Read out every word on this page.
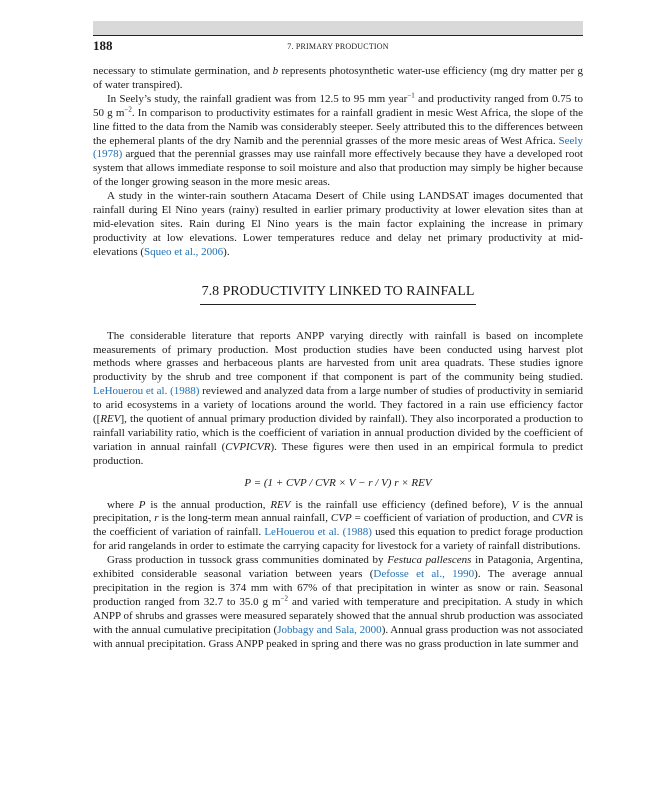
188	7. PRIMARY PRODUCTION

necessary to stimulate germination, and b represents photosynthetic water-use efficiency (mg dry matter per g of water transpired).

In Seely’s study, the rainfall gradient was from 12.5 to 95 mm year$^{-1}$ and productivity ranged from 0.75 to 50 g $m^{-2}$. In comparison to productivity estimates for a rainfall gradient in mesic West Africa, the slope of the line fitted to the data from the Namib was considerably steeper. Seely attributed this to the differences between the ephemeral plants of the dry Namib and the perennial grasses of the more mesic areas of West Africa. Seely (1978) argued that the perennial grasses may use rainfall more effectively because they have a developed root system that allows immediate response to soil moisture and also that production may simply be higher because of the longer growing season in the more mesic areas.

A study in the winter-rain southern Atacama Desert of Chile using LANDSAT images documented that rainfall during El Nino years (rainy) resulted in earlier primary productivity at lower elevation sites than at mid-elevation sites. Rain during El Nino years is the main factor explaining the increase in primary productivity at low elevations. Lower temperatures reduce and delay net primary productivity at mid-elevations (Squeo et al., 2006).

7.8 PRODUCTIVITY LINKED TO RAINFALL

The considerable literature that reports ANPP varying directly with rainfall is based on incomplete measurements of primary production. Most production studies have been conducted using harvest plot methods where grasses and herbaceous plants are harvested from unit area quadrats. These studies ignore productivity by the shrub and tree component if that component is part of the community being studied. LeHouerou et al. (1988) reviewed and analyzed data from a large number of studies of productivity in semiarid to arid ecosystems in a variety of locations around the world. They factored in a rain use efficiency factor ([REV], the quotient of annual primary production divided by rainfall). They also incorporated a production to rainfall variability ratio, which is the coefficient of variation in annual production divided by the coefficient of variation in annual rainfall (CVPICVR). These figures were then used in an empirical formula to predict production.

P = (1 + CVP / CVR × V − r / V) r × REV

where P is the annual production, REV is the rainfall use efficiency (defined before), V is the annual precipitation, r is the long-term mean annual rainfall, CVP = coefficient of variation of production, and CVR is the coefficient of variation of rainfall. LeHouerou et al. (1988) used this equation to predict forage production for arid rangelands in order to estimate the carrying capacity for livestock for a variety of rainfall distributions.

Grass production in tussock grass communities dominated by Festuca pallescens in Patagonia, Argentina, exhibited considerable seasonal variation between years (Defosse et al., 1990). The average annual precipitation in the region is 374 mm with 67% of that precipitation in winter as snow or rain. Seasonal production ranged from 32.7 to 35.0 g $m^{-2}$ and varied with temperature and precipitation. A study in which ANPP of shrubs and grasses were measured separately showed that the annual shrub production was associated with the annual cumulative precipitation (Jobbagy and Sala, 2000). Annual grass production was not associated with annual precipitation. Grass ANPP peaked in spring and there was no grass production in late summer and
